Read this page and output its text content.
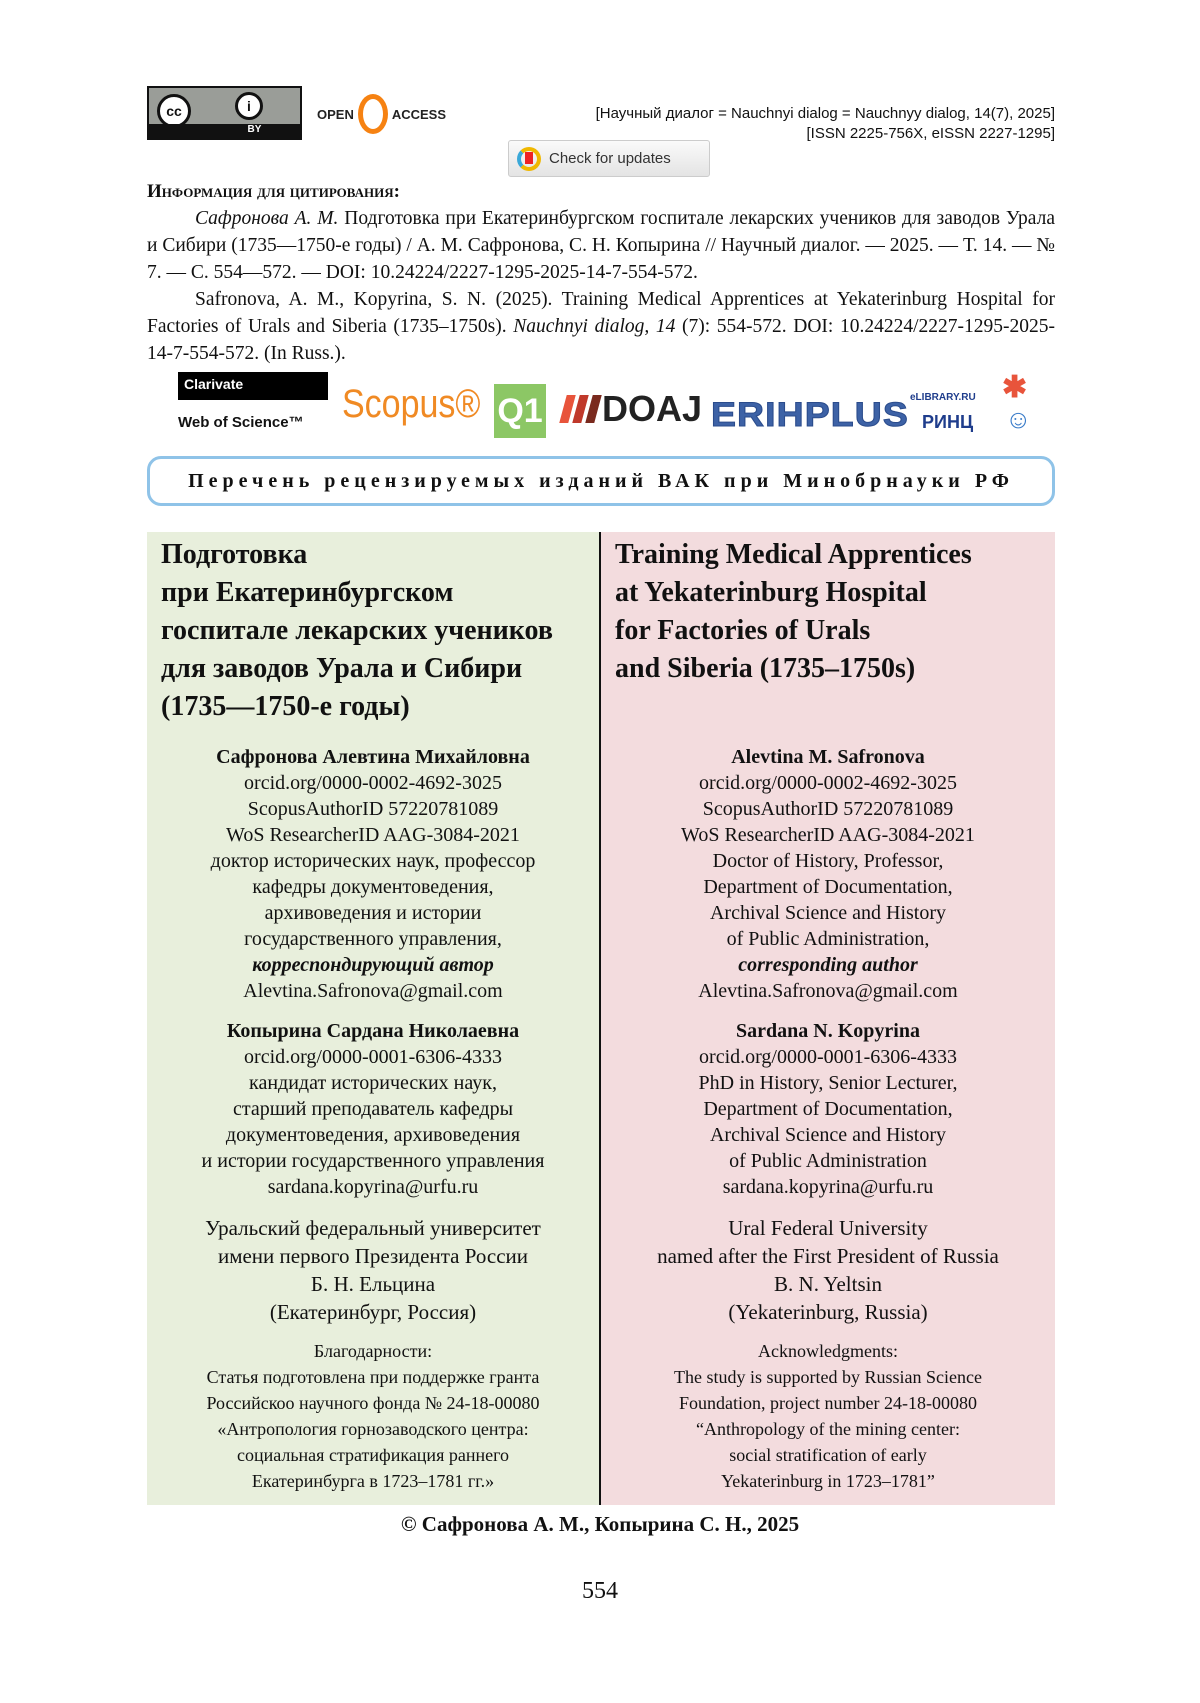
cc	i
BY
OPEN	ACCESS	[Научный диалог = Nauchnyi dialog = Nauchnyy dialog, 14(7), 2025]
[ISSN 2225-756X, eISSN 2227-1295]
Check for updates
Информация для цитирования:

Сафронова А. М. Подготовка при Екатеринбургском госпитале лекарских учеников для заводов Урала и Сибири (1735—1750-е годы) / А. М. Сафронова, С. Н. Копырина // Научный диалог. — 2025. — Т. 14. — № 7. — С. 554—572. — DOI: 10.24224/2227-1295-2025-14-7-554-572.

Safronova, A. M., Kopyrina, S. N. (2025). Training Medical Apprentices at Yekaterinburg Hospital for Factories of Urals and Siberia (1735–1750s). Nauchnyi dialog, 14 (7): 554-572. DOI: 10.24224/2227-1295-2025-14-7-554-572. (In Russ.).

Clarivate
Web of Science™ Scopus® Q1 DOAJ ERIHPLUS eLIBRARY.RU
РИНЦ
✱
☺
Перечень рецензируемых изданий ВАК при Минобрнауки РФ
Подготовка
при Екатеринбургском
госпитале лекарских учеников
для заводов Урала и Сибири
(1735—1750-е годы)
Сафронова Алевтина Михайловна
orcid.org/0000-0002-4692-3025
ScopusAuthorID 57220781089
WoS ResearcherID AAG-3084-2021
доктор исторических наук, профессор
кафедры документоведения,
архивоведения и истории
государственного управления,
корреспондирующий автор
Alevtina.Safronova@gmail.com
Копырина Сардана Николаевна
orcid.org/0000-0001-6306-4333
кандидат исторических наук,
старший преподаватель кафедры
документоведения, архивоведения
и истории государственного управления
sardana.kopyrina@urfu.ru
Уральский федеральный университет
имени первого Президента России
Б. Н. Ельцина
(Екатеринбург, Россия)
Благодарности:
Статья подготовлена при поддержке гранта
Российскоо научного фонда № 24-18-00080
«Антропология горнозаводского центра:
социальная стратификация раннего
Екатеринбурга в 1723–1781 гг.»
Training Medical Apprentices
at Yekaterinburg Hospital
for Factories of Urals
and Siberia (1735–1750s)
Alevtina M. Safronova
orcid.org/0000-0002-4692-3025
ScopusAuthorID 57220781089
WoS ResearcherID AAG-3084-2021
Doctor of History, Professor,
Department of Documentation,
Archival Science and History
of Public Administration,
corresponding author
Alevtina.Safronova@gmail.com
Sardana N. Kopyrina
orcid.org/0000-0001-6306-4333
PhD in History, Senior Lecturer,
Department of Documentation,
Archival Science and History
of Public Administration
sardana.kopyrina@urfu.ru
Ural Federal University
named after the First President of Russia
B. N. Yeltsin
(Yekaterinburg, Russia)
Acknowledgments:
The study is supported by Russian Science
Foundation, project number 24-18-00080
“Anthropology of the mining center:
social stratification of early
Yekaterinburg in 1723–1781”
© Сафронова А. М., Копырина С. Н., 2025
554
